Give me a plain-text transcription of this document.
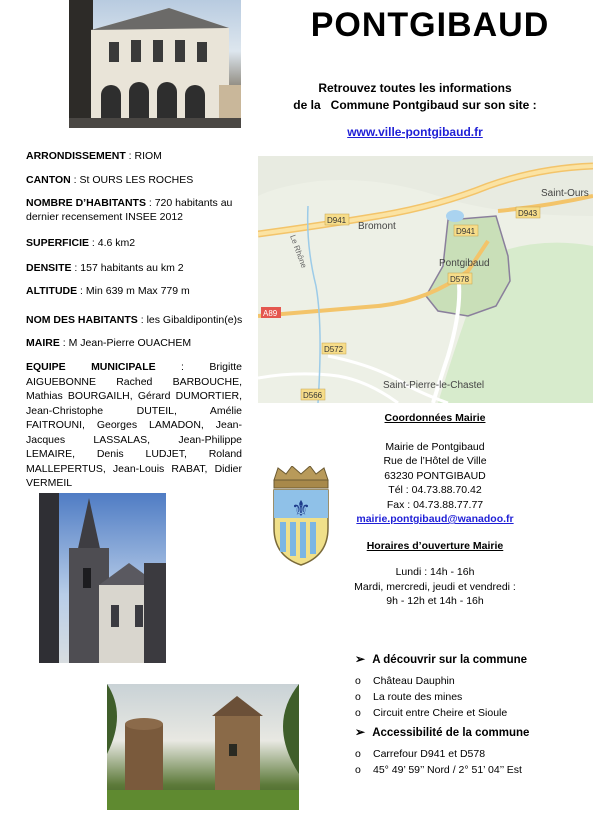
PONTGIBAUD
Retrouvez toutes les informations
de la Commune Pontgibaud sur son site :
www.ville-pontgibaud.fr
ARRONDISSEMENT : RIOM
CANTON : St OURS LES ROCHES
NOMBRE D’HABITANTS : 720 habitants au dernier recensement INSEE 2012
SUPERFICIE : 4.6 km2
DENSITE : 157 habitants au km 2
ALTITUDE : Min 639 m Max 779 m
NOM DES HABITANTS : les Gibaldipontin(e)s
MAIRE : M Jean-Pierre OUACHEM
EQUIPE MUNICIPALE : Brigitte AIGUEBONNE Rached BARBOUCHE, Mathias BOURGAILH, Gérard DUMORTIER, Jean-Christophe DUTEIL, Amélie FAITROUNI, Georges LAMADON, Jean-Jacques LASSALAS, Jean-Philippe LEMAIRE, Denis LUDJET, Roland MALLEPERTUS, Jean-Louis RABAT, Didier VERMEIL
Saint-Ours
Bromont
Pontgibaud
Saint-Pierre-le-Chastel
Le Rhône
D941
D943
D941
D578
A89
D572
D566
Coordonnées Mairie
Mairie de Pontgibaud
Rue de l’Hôtel de Ville
63230 PONTGIBAUD
Tél : 04.73.88.70.42
Fax : 04.73.88.77.77
mairie.pontgibaud@wanadoo.fr
Horaires d’ouverture Mairie
Lundi : 14h - 16h
Mardi, mercredi, jeudi et vendredi :
9h - 12h et 14h - 16h
⚜
➢ A découvrir sur la commune
o Château Dauphin
o La route des mines
o Circuit entre Cheire et Sioule
➢ Accessibilité de la commune
o Carrefour D941 et D578
o 45° 49’ 59’’ Nord / 2° 51’ 04’’ Est
